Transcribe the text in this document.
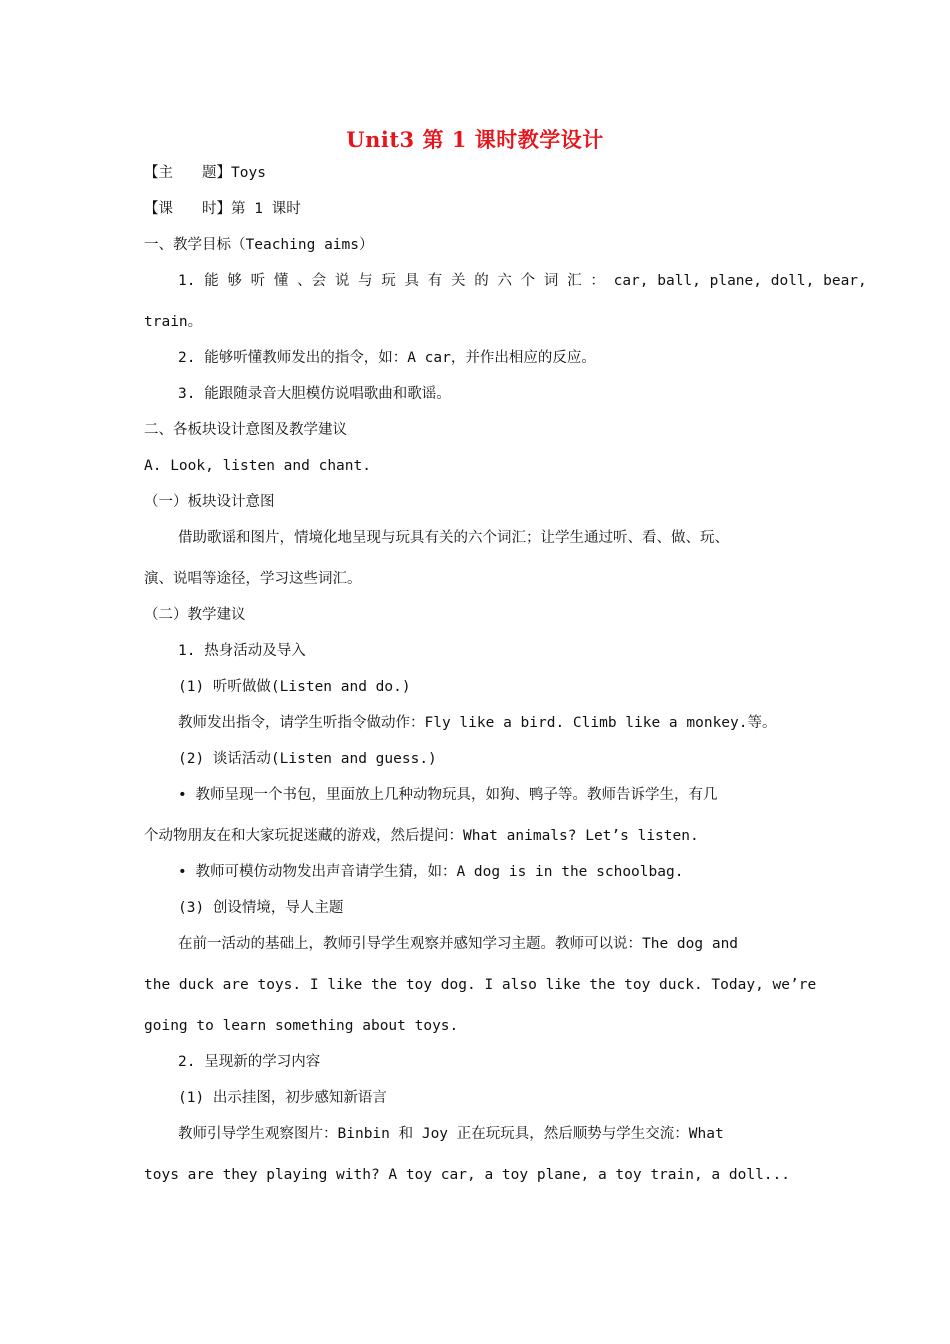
Unit3 第 1 课时教学设计
【主　　题】Toys
【课　　时】第 1 课时
一、教学目标（Teaching aims）
1. 能 够 听 懂 、会 说 与 玩 具 有 关 的 六 个 词 汇 ： car, ball, plane, doll, bear,
train。
2. 能够听懂教师发出的指令，如：A car，并作出相应的反应。
3. 能跟随录音大胆模仿说唱歌曲和歌谣。
二、各板块设计意图及教学建议
A. Look, listen and chant.
（一）板块设计意图
借助歌谣和图片，情境化地呈现与玩具有关的六个词汇；让学生通过听、看、做、玩、
演、说唱等途径，学习这些词汇。
（二）教学建议
1. 热身活动及导入
(1) 听听做做(Listen and do.)
教师发出指令，请学生听指令做动作：Fly like a bird. Climb like a monkey.等。
(2) 谈话活动(Listen and guess.)
• 教师呈现一个书包，里面放上几种动物玩具，如狗、鸭子等。教师告诉学生，有几
个动物朋友在和大家玩捉迷藏的游戏，然后提问：What animals? Let’s listen.
• 教师可模仿动物发出声音请学生猜，如：A dog is in the schoolbag.
(3) 创设情境，导人主题
在前一活动的基础上，教师引导学生观察并感知学习主题。教师可以说：The dog and
the duck are toys. I like the toy dog. I also like the toy duck. Today, we’re
going to learn something about toys.
2. 呈现新的学习内容
(1) 出示挂图，初步感知新语言
教师引导学生观察图片：Binbin 和 Joy 正在玩玩具，然后顺势与学生交流：What
toys are they playing with? A toy car, a toy plane, a toy train, a doll...
